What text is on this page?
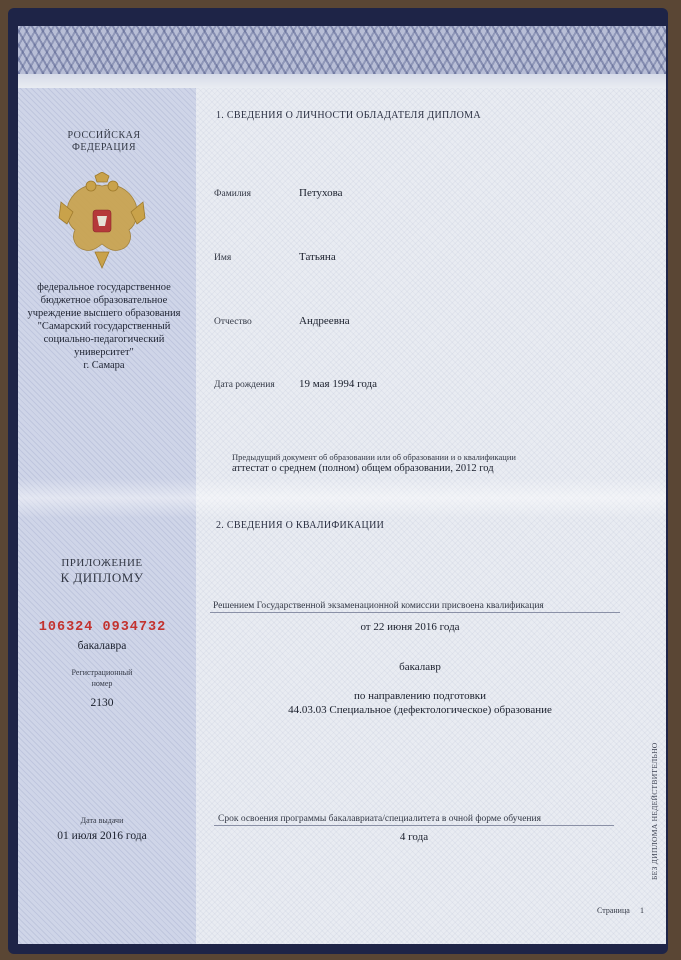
РОССИЙСКАЯ
ФЕДЕРАЦИЯ
федеральное государственное
бюджетное образовательное
учреждение высшего образования
"Самарский государственный
социально-педагогический
университет"
г. Самара
ПРИЛОЖЕНИЕ
К ДИПЛОМУ
106324 0934732
бакалавра
Регистрационный
номер
2130
Дата выдачи
01 июля 2016 года
1. СВЕДЕНИЯ О ЛИЧНОСТИ ОБЛАДАТЕЛЯ ДИПЛОМА
Фамилия	Петухова
Имя	Татьяна
Отчество	Андреевна
Дата рождения 19 мая 1994 года
Предыдущий документ об образовании или об образовании и о квалификации
аттестат о среднем (полном) общем образовании, 2012 год
2. СВЕДЕНИЯ О КВАЛИФИКАЦИИ
Решением Государственной экзаменационной комиссии присвоена квалификация
от 22 июня 2016 года
бакалавр
по направлению подготовки
44.03.03 Специальное (дефектологическое) образование
Срок освоения программы бакалавриата/специалитета в очной форме обучения
4 года
Страница 1
БЕЗ ДИПЛОМА НЕДЕЙСТВИТЕЛЬНО
